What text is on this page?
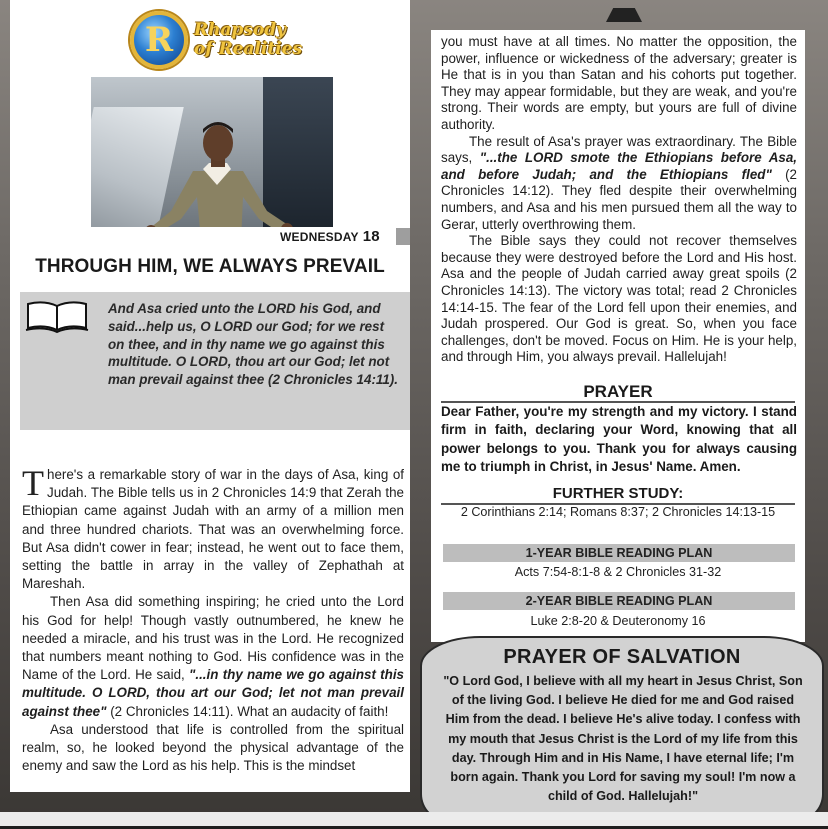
R	Rhapsody
of Realities
WEDNESDAY 18
THROUGH HIM, WE ALWAYS PREVAIL
And Asa cried unto the LORD his God, and said...help us, O LORD our God; for we rest on thee, and in thy name we go against this multitude. O LORD, thou art our God; let not man prevail against thee (2 Chronicles 14:11).

There's a remarkable story of war in the days of Asa, king of Judah. The Bible tells us in 2 Chronicles 14:9 that Zerah the Ethiopian came against Judah with an army of a million men and three hundred chariots. That was an overwhelming force. But Asa didn't cower in fear; instead, he went out to face them, setting the battle in array in the valley of Zephathah at Mareshah.

Then Asa did something inspiring; he cried unto the Lord his God for help! Though vastly outnumbered, he knew he needed a miracle, and his trust was in the Lord. He recognized that numbers meant nothing to God. His confidence was in the Name of the Lord. He said, "...in thy name we go against this multitude. O LORD, thou art our God; let not man prevail against thee" (2 Chronicles 14:11). What an audacity of faith!

Asa understood that life is controlled from the spiritual realm, so, he looked beyond the physical advantage of the enemy and saw the Lord as his help. This is the mindset

you must have at all times. No matter the opposition, the power, influence or wickedness of the adversary; greater is He that is in you than Satan and his cohorts put together. They may appear formidable, but they are weak, and you're strong. Their words are empty, but yours are full of divine authority.

The result of Asa's prayer was extraordinary. The Bible says, "...the LORD smote the Ethiopians before Asa, and before Judah; and the Ethiopians fled" (2 Chronicles 14:12). They fled despite their overwhelming numbers, and Asa and his men pursued them all the way to Gerar, utterly overthrowing them.

The Bible says they could not recover themselves because they were destroyed before the Lord and His host. Asa and the people of Judah carried away great spoils (2 Chronicles 14:13). The victory was total; read 2 Chronicles 14:14-15. The fear of the Lord fell upon their enemies, and Judah prospered. Our God is great. So, when you face challenges, don't be moved. Focus on Him. He is your help, and through Him, you always prevail. Hallelujah!

PRAYER
Dear Father, you're my strength and my victory. I stand firm in faith, declaring your Word, knowing that all power belongs to you. Thank you for always causing me to triumph in Christ, in Jesus' Name. Amen.
FURTHER STUDY:
2 Corinthians 2:14; Romans 8:37; 2 Chronicles 14:13-15
1-YEAR BIBLE READING PLAN
Acts 7:54-8:1-8 & 2 Chronicles 31-32
2-YEAR BIBLE READING PLAN
Luke 2:8-20 & Deuteronomy 16
PRAYER OF SALVATION
"O Lord God, I believe with all my heart in Jesus Christ, Son of the living God. I believe He died for me and God raised Him from the dead. I believe He's alive today. I confess with my mouth that Jesus Christ is the Lord of my life from this day. Through Him and in His Name, I have eternal life; I'm born again. Thank you Lord for saving my soul! I'm now a child of God. Hallelujah!"
